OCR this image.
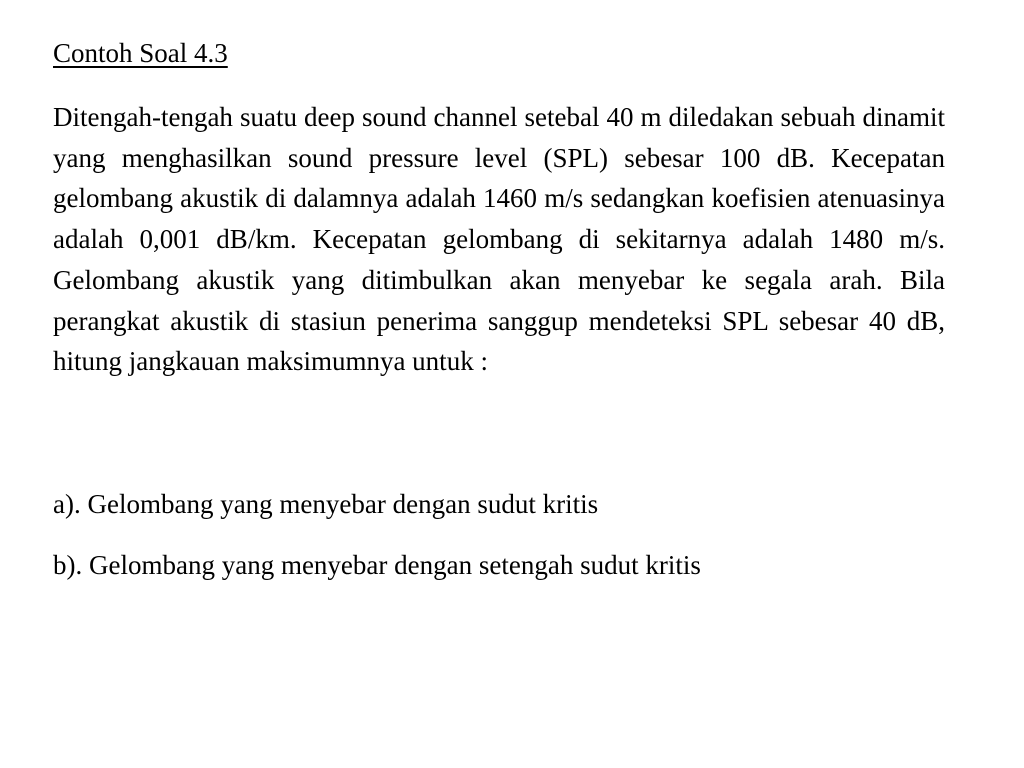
Contoh Soal 4.3

Ditengah-tengah suatu deep sound channel setebal 40 m diledakan sebuah dinamit yang menghasilkan sound pressure level (SPL) sebesar 100 dB. Kecepatan gelombang akustik di dalamnya adalah 1460 m/s sedangkan koefisien atenuasinya adalah 0,001 dB/km. Kecepatan gelombang di sekitarnya adalah 1480 m/s. Gelombang akustik yang ditimbulkan akan menyebar ke segala arah. Bila perangkat akustik di stasiun penerima sanggup mendeteksi SPL sebesar 40 dB, hitung jangkauan maksimumnya untuk :

a). Gelombang yang menyebar dengan sudut kritis

b). Gelombang yang menyebar dengan setengah sudut kritis
